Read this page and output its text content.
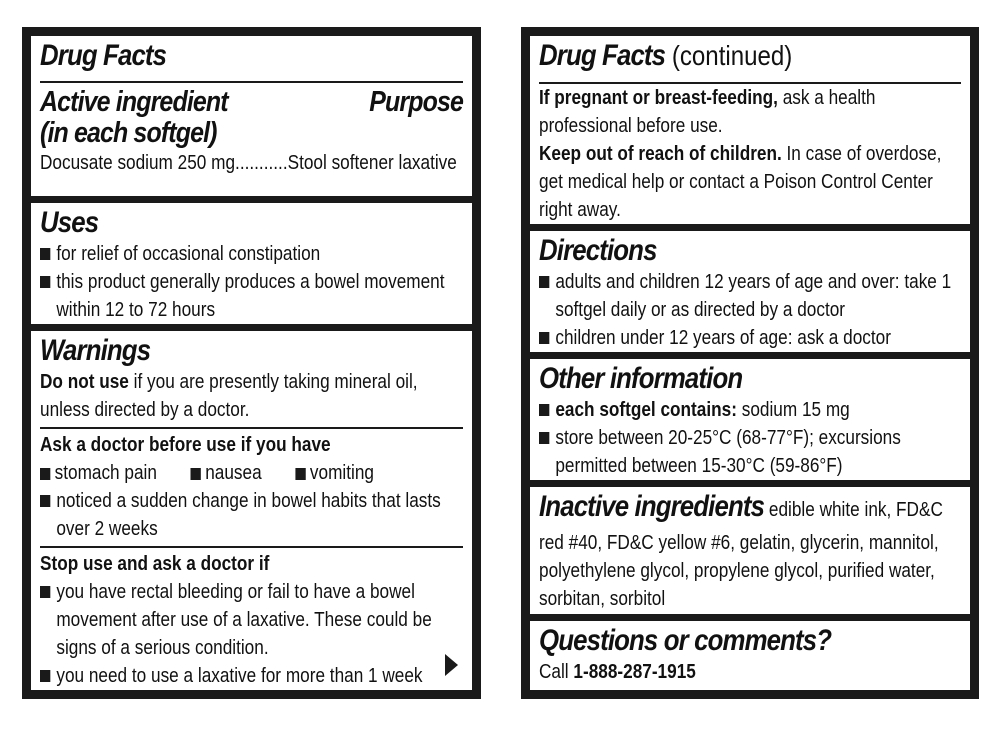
Drug Facts
Active ingredient
(in each softgel)
Purpose
Docusate sodium 250 mg...........Stool softener laxative
Uses
for relief of occasional constipation
this product generally produces a bowel movement
within 12 to 72 hours
Warnings
Do not use if you are presently taking mineral oil,
unless directed by a doctor.
Ask a doctor before use if you have
stomach pain nausea vomiting
noticed a sudden change in bowel habits that lasts
over 2 weeks
Stop use and ask a doctor if
you have rectal bleeding or fail to have a bowel
movement after use of a laxative. These could be
signs of a serious condition.
you need to use a laxative for more than 1 week
Drug Facts (continued)
If pregnant or breast-feeding, ask a health
professional before use.
Keep out of reach of children. In case of overdose,
get medical help or contact a Poison Control Center
right away.
Directions
adults and children 12 years of age and over: take 1
softgel daily or as directed by a doctor
children under 12 years of age: ask a doctor
Other information
each softgel contains: sodium 15 mg
store between 20-25°C (68-77°F); excursions
permitted between 15-30°C (59-86°F)
Inactive ingredients edible white ink, FD&C
red #40, FD&C yellow #6, gelatin, glycerin, mannitol,
polyethylene glycol, propylene glycol, purified water,
sorbitan, sorbitol
Questions or comments?
Call 1-888-287-1915
